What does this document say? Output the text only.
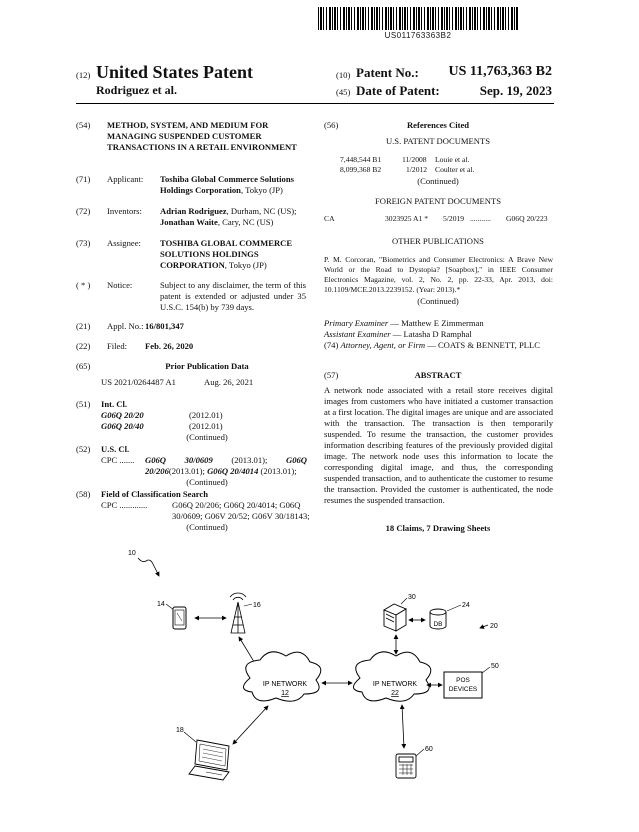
US011763363B2
(12) United States Patent
Rodriguez et al.
(10) Patent No.:	US 11,763,363 B2
(45) Date of Patent:	Sep. 19, 2023
(54) METHOD, SYSTEM, AND MEDIUM FOR MANAGING SUSPENDED CUSTOMER TRANSACTIONS IN A RETAIL ENVIRONMENT
(71) Applicant: Toshiba Global Commerce Solutions Holdings Corporation, Tokyo (JP)
(72) Inventors: Adrian Rodriguez, Durham, NC (US);
Jonathan Waite, Cary, NC (US)
(73) Assignee: TOSHIBA GLOBAL COMMERCE SOLUTIONS HOLDINGS CORPORATION, Tokyo (JP)
( * ) Notice:	Subject to any disclaimer, the term of this patent is extended or adjusted under 35 U.S.C. 154(b) by 739 days.
(21) Appl. No.: 16/801,347
(22) Filed: Feb. 26, 2020
(65)	Prior Publication Data
US 2021/0264487 A1	Aug. 26, 2021
(51) Int. Cl.
G06Q 20/20	(2012.01)
G06Q 20/40	(2012.01)
(Continued)
(52) U.S. Cl.
CPC ....... G06Q 30/0609 (2013.01); G06Q 20/206(2013.01); G06Q 20/4014 (2013.01);
(Continued)
(58) Field of Classification Search
CPC .............	G06Q 20/206; G06Q 20/4014; G06Q
30/0609; G06V 20/52; G06V 30/18143;
(Continued)
(56)	References Cited
U.S. PATENT DOCUMENTS
7,448,544 B1	11/2008 Louie et al.
8,099,368 B2	1/2012 Coulter et al.
(Continued)
FOREIGN PATENT DOCUMENTS
CA	3023925 A1 * 5/2019 ........... G06Q 20/223
OTHER PUBLICATIONS
P. M. Corcoran, "Biometrics and Consumer Electronics: A Brave New World or the Road to Dystopia? [Soapbox]," in IEEE Consumer Electronics Magazine, vol. 2, No. 2, pp. 22-33, Apr. 2013, doi: 10.1109/MCE.2013.2239152. (Year: 2013).*
(Continued)
Primary Examiner — Matthew E Zimmerman
Assistant Examiner — Latasha D Ramphal
(74) Attorney, Agent, or Firm — COATS & BENNETT, PLLC
(57)	ABSTRACT
A network node associated with a retail store receives digital images from customers who have initiated a customer transaction at a first location. The digital images are unique and are associated with the transaction. The transaction is then temporarily suspended. To resume the transaction, the customer provides information describing features of the previously provided digital image. The network node uses this information to locate the corresponding digital image, and thus, the corresponding suspended transaction, and to authenticate the customer to resume the transaction. Provided the customer is authenticated, the node resumes the suspended transaction.
18 Claims, 7 Drawing Sheets
10
14	16
IP NETWORK
12
IP NETWORK
22
30
24
DB	20
50
POS
DEVICES
60
18
